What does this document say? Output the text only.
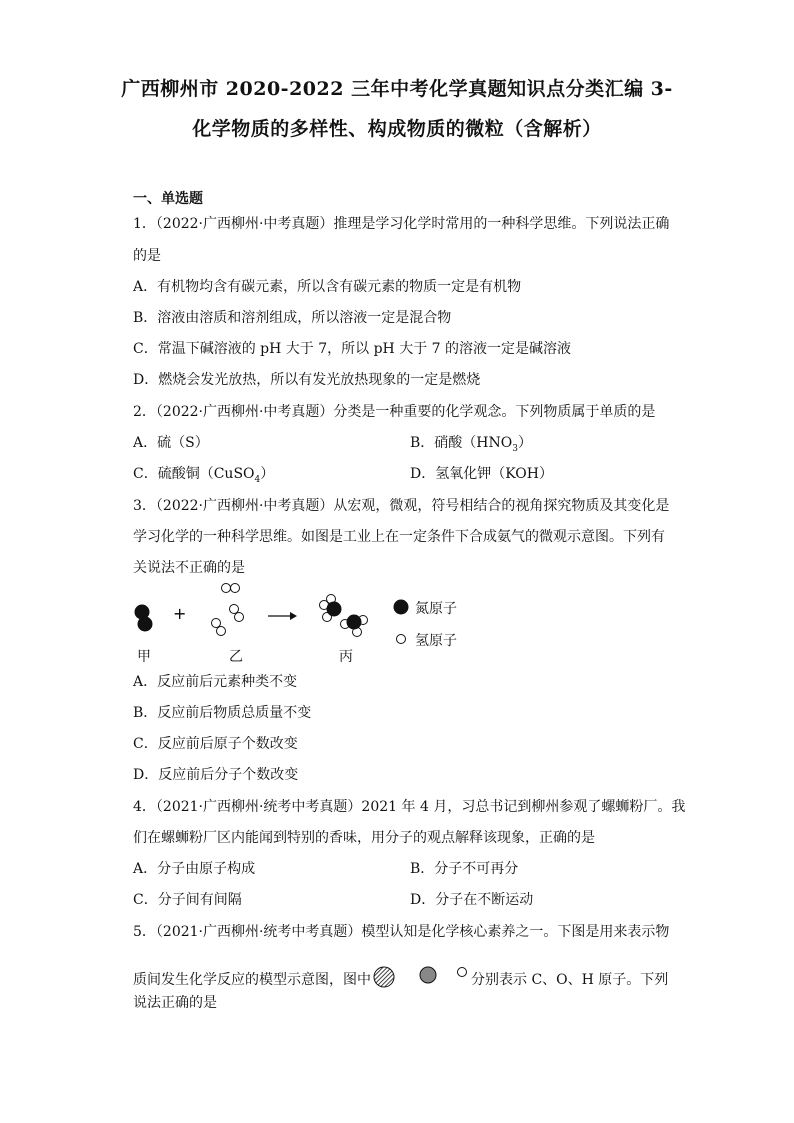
广西柳州市 2020-2022 三年中考化学真题知识点分类汇编 3-
化学物质的多样性、构成物质的微粒（含解析）
一、单选题
1．（2022·广西柳州·中考真题）推理是学习化学时常用的一种科学思维。下列说法正确
的是
A．有机物均含有碳元素，所以含有碳元素的物质一定是有机物
B．溶液由溶质和溶剂组成，所以溶液一定是混合物
C．常温下碱溶液的 pH 大于 7，所以 pH 大于 7 的溶液一定是碱溶液
D．燃烧会发光放热，所以有发光放热现象的一定是燃烧
2．（2022·广西柳州·中考真题）分类是一种重要的化学观念。下列物质属于单质的是
A．硫（S）	B．硝酸$(HNO_3)$
C．硫酸铜（CuSO$_4$）	D．氢氧化钾（KOH）
3．（2022·广西柳州·中考真题）从宏观，微观，符号相结合的视角探究物质及其变化是
学习化学的一种科学思维。如图是工业上在一定条件下合成氨气的微观示意图。下列有
关说法不正确的是
+	氮原子
氢原子
甲	乙	丙
A．反应前后元素种类不变
B．反应前后物质总质量不变
C．反应前后原子个数改变
D．反应前后分子个数改变
4．（2021·广西柳州·统考中考真题）2021 年 4 月，习总书记到柳州参观了螺蛳粉厂。我
们在螺蛳粉厂区内能闻到特别的香味，用分子的观点解释该现象，正确的是
A．分子由原子构成	B．分子不可再分
C．分子间有间隔	D．分子在不断运动
5．（2021·广西柳州·统考中考真题）模型认知是化学核心素养之一。下图是用来表示物
质间发生化学反应的模型示意图，图中	分别表示 C、O、H 原子。下列
说法正确的是
